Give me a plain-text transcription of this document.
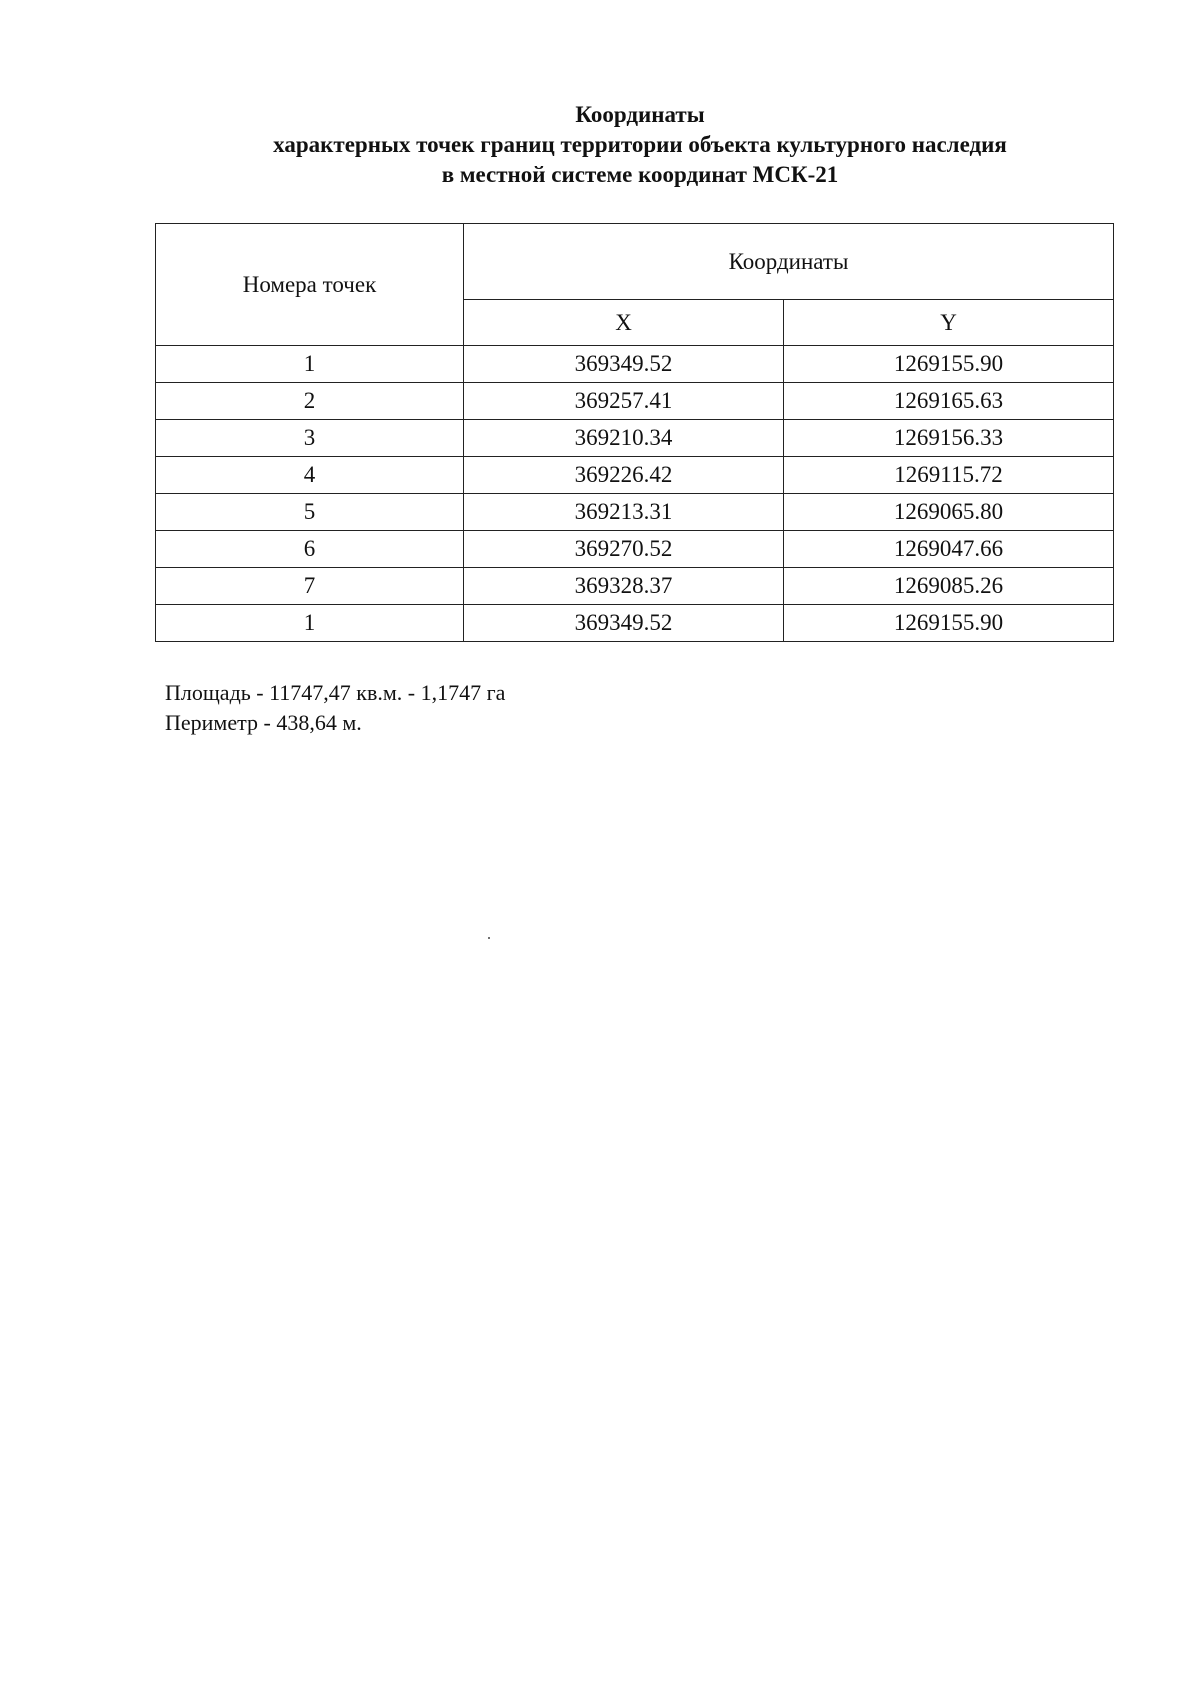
Координаты
характерных точек границ территории объекта культурного наследия
в местной системе координат МСК-21
Номера точек	Координаты	
	X	Y
1	369349.52	1269155.90
2	369257.41	1269165.63
3	369210.34	1269156.33
4	369226.42	1269115.72
5	369213.31	1269065.80
6	369270.52	1269047.66
7	369328.37	1269085.26
1	369349.52	1269155.90
Площадь - 11747,47 кв.м. - 1,1747 га
Периметр - 438,64 м.
